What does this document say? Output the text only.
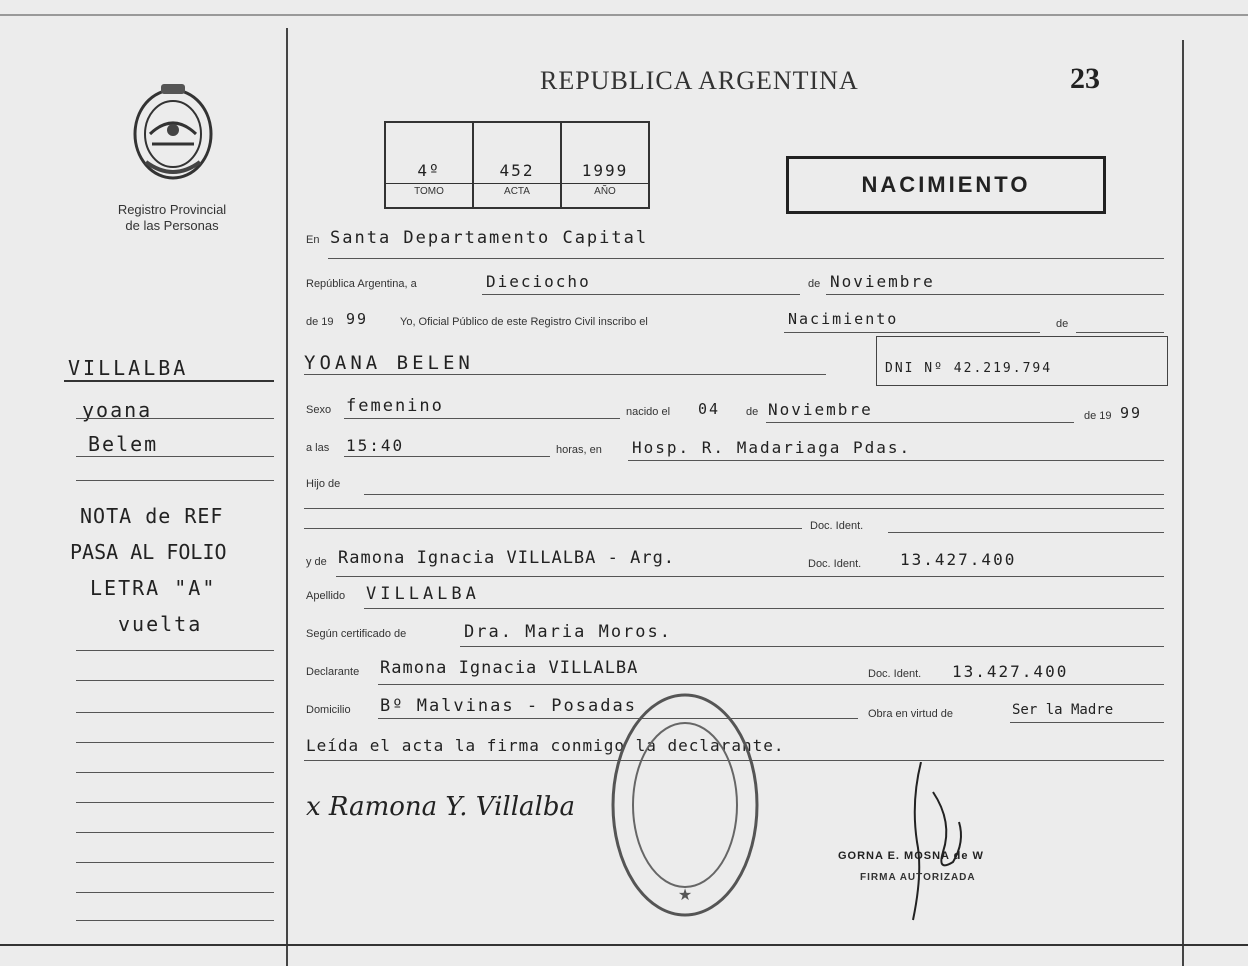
Registro Provincial
de las Personas
REPUBLICA ARGENTINA	23
4º	452	1999
TOMO	ACTA	AÑO	NACIMIENTO
En Santa Departamento Capital
República Argentina, a	Dieciocho	de Noviembre
de 19 99	Yo, Oficial Público de este Registro Civil inscribo el	Nacimiento	de
YOANA BELEN	DNI Nº 42.219.794
Sexo femenino	nacido el 04 de Noviembre	de 19 99
a las 15:40	horas, en Hosp. R. Madariaga Pdas.
Hijo de
Doc. Ident.
y de Ramona Ignacia VILLALBA - Arg.	Doc. Ident. 13.427.400
Apellido VILLALBA
Según certificado de	Dra. Maria Moros.
Declarante Ramona Ignacia VILLALBA	Doc. Ident. 13.427.400
Domicilio Bº Malvinas - Posadas	Obra en virtud de	Ser la Madre
Leída el acta la firma conmigo la declarante.
x Ramona Y. Villalba
★
GORNA E. MOSNA de W
FIRMA AUTORIZADA
VILLALBA
yoana
Belem
NOTA de REF
PASA AL FOLIO
LETRA "A"
vuelta
